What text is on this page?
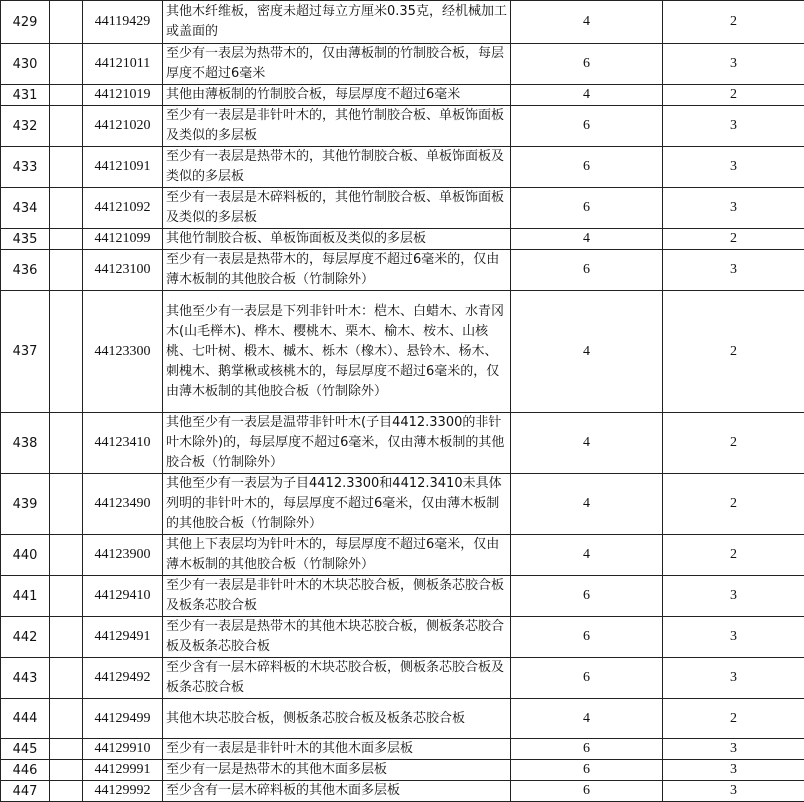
429		44119429	其他木纤维板，密度未超过每立方厘米0.35克，经机械加工或盖面的	4	2
430		44121011	至少有一表层为热带木的，仅由薄板制的竹制胶合板，每层厚度不超过6毫米	6	3
431		44121019	其他由薄板制的竹制胶合板，每层厚度不超过6毫米	4	2
432		44121020	至少有一表层是非针叶木的，其他竹制胶合板、单板饰面板及类似的多层板	6	3
433		44121091	至少有一表层是热带木的，其他竹制胶合板、单板饰面板及类似的多层板	6	3
434		44121092	至少有一表层是木碎料板的，其他竹制胶合板、单板饰面板及类似的多层板	6	3
435		44121099	其他竹制胶合板、单板饰面板及类似的多层板	4	2
436		44123100	至少有一表层是热带木的，每层厚度不超过6毫米的，仅由薄木板制的其他胶合板（竹制除外）	6	3
437		44123300	其他至少有一表层是下列非针叶木：桤木、白蜡木、水青冈木(山毛榉木)、桦木、樱桃木、栗木、榆木、桉木、山核桃、七叶树、椴木、槭木、栎木（橡木）、悬铃木、杨木、刺槐木、鹅掌楸或核桃木的，每层厚度不超过6毫米的，仅由薄木板制的其他胶合板（竹制除外）	4	2
438		44123410	其他至少有一表层是温带非针叶木(子目4412.3300的非针叶木除外)的，每层厚度不超过6毫米，仅由薄木板制的其他胶合板（竹制除外）	4	2
439		44123490	其他至少有一表层为子目4412.3300和4412.3410未具体列明的非针叶木的，每层厚度不超过6毫米，仅由薄木板制的其他胶合板（竹制除外）	4	2
440		44123900	其他上下表层均为针叶木的，每层厚度不超过6毫米，仅由薄木板制的其他胶合板（竹制除外）	4	2
441		44129410	至少有一表层是非针叶木的木块芯胶合板，侧板条芯胶合板及板条芯胶合板	6	3
442		44129491	至少有一表层是热带木的其他木块芯胶合板，侧板条芯胶合板及板条芯胶合板	6	3
443		44129492	至少含有一层木碎料板的木块芯胶合板，侧板条芯胶合板及板条芯胶合板	6	3
444		44129499	其他木块芯胶合板，侧板条芯胶合板及板条芯胶合板	4	2
445		44129910	至少有一表层是非针叶木的其他木面多层板	6	3
446		44129991	至少有一层是热带木的其他木面多层板	6	3
447		44129992	至少含有一层木碎料板的其他木面多层板	6	3
